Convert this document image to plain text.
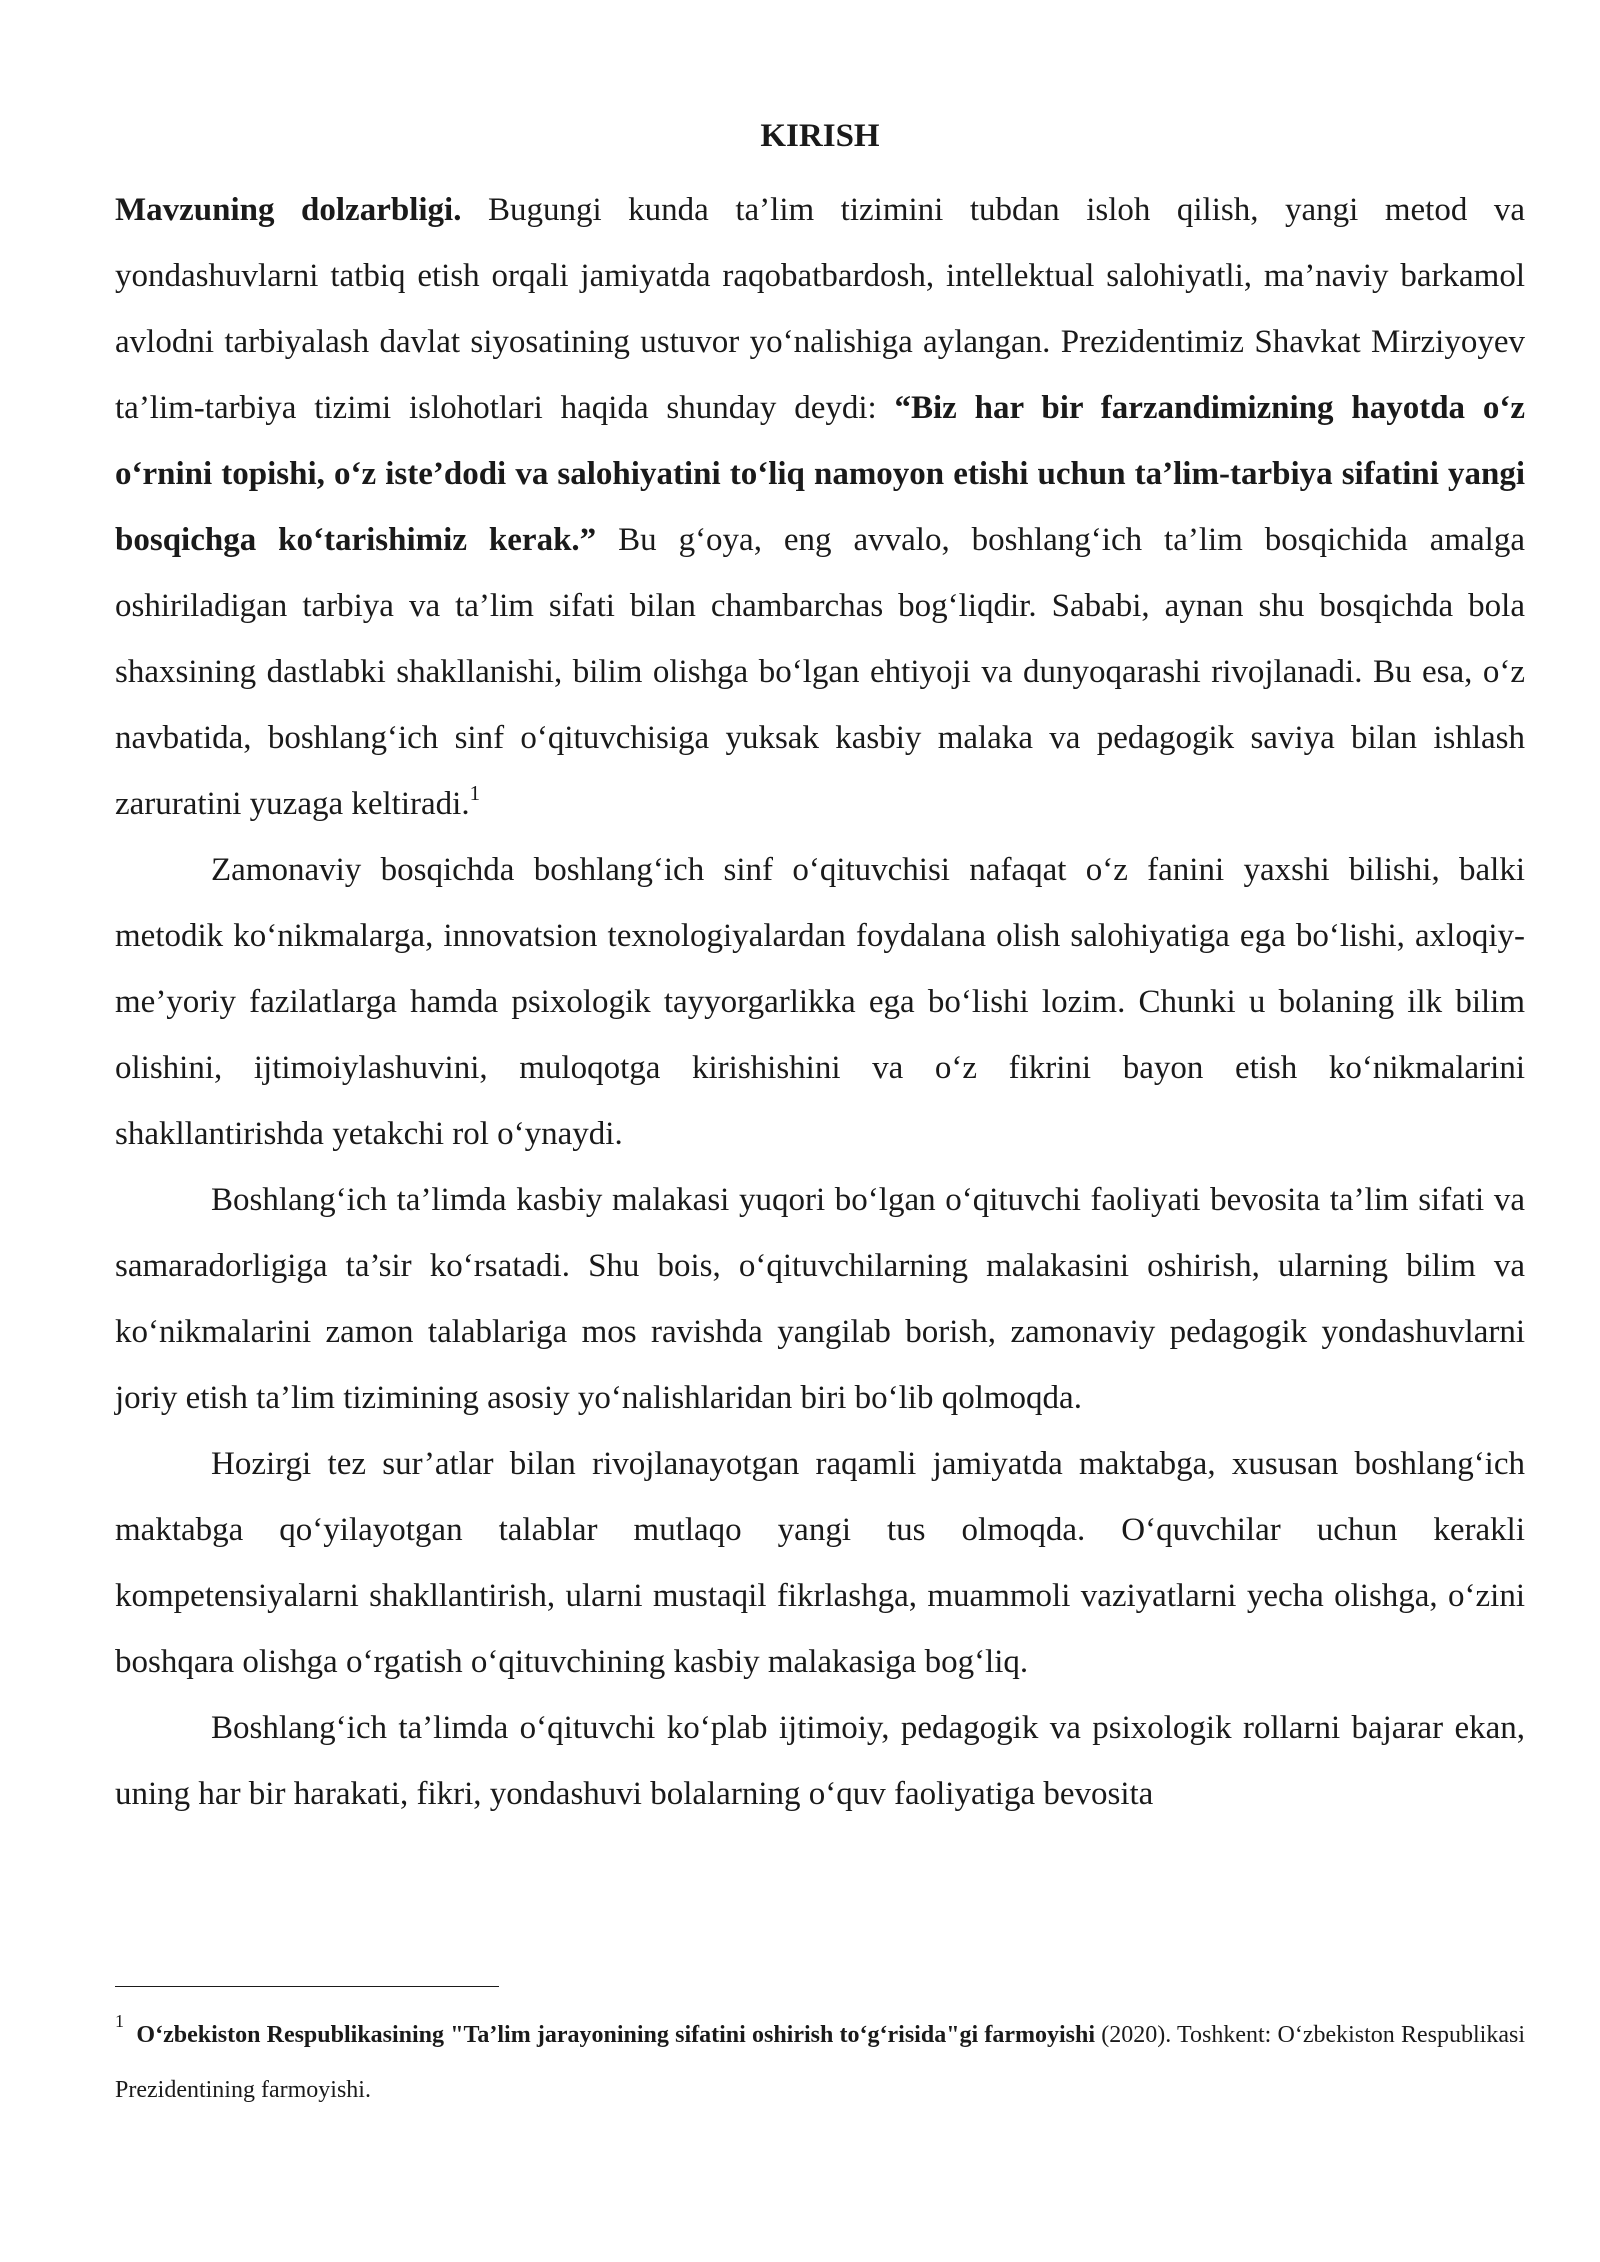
KIRISH

Mavzuning dolzarbligi. Bugungi kunda ta’lim tizimini tubdan isloh qilish, yangi metod va yondashuvlarni tatbiq etish orqali jamiyatda raqobatbardosh, intellektual salohiyatli, ma’naviy barkamol avlodni tarbiyalash davlat siyosatining ustuvor yo‘nalishiga aylangan. Prezidentimiz Shavkat Mirziyoyev ta’lim-tarbiya tizimi islohotlari haqida shunday deydi: “Biz har bir farzandimizning hayotda o‘z o‘rnini topishi, o‘z iste’dodi va salohiyatini to‘liq namoyon etishi uchun ta’lim-tarbiya sifatini yangi bosqichga ko‘tarishimiz kerak.” Bu g‘oya, eng avvalo, boshlang‘ich ta’lim bosqichida amalga oshiriladigan tarbiya va ta’lim sifati bilan chambarchas bog‘liqdir. Sababi, aynan shu bosqichda bola shaxsining dastlabki shakllanishi, bilim olishga bo‘lgan ehtiyoji va dunyoqarashi rivojlanadi. Bu esa, o‘z navbatida, boshlang‘ich sinf o‘qituvchisiga yuksak kasbiy malaka va pedagogik saviya bilan ishlash zaruratini yuzaga keltiradi.$^1$

Zamonaviy bosqichda boshlang‘ich sinf o‘qituvchisi nafaqat o‘z fanini yaxshi bilishi, balki metodik ko‘nikmalarga, innovatsion texnologiyalardan foydalana olish salohiyatiga ega bo‘lishi, axloqiy-me’yoriy fazilatlarga hamda psixologik tayyorgarlikka ega bo‘lishi lozim. Chunki u bolaning ilk bilim olishini, ijtimoiylashuvini, muloqotga kirishishini va o‘z fikrini bayon etish ko‘nikmalarini shakllantirishda yetakchi rol o‘ynaydi.

Boshlang‘ich ta’limda kasbiy malakasi yuqori bo‘lgan o‘qituvchi faoliyati bevosita ta’lim sifati va samaradorligiga ta’sir ko‘rsatadi. Shu bois, o‘qituvchilarning malakasini oshirish, ularning bilim va ko‘nikmalarini zamon talablariga mos ravishda yangilab borish, zamonaviy pedagogik yondashuvlarni joriy etish ta’lim tizimining asosiy yo‘nalishlaridan biri bo‘lib qolmoqda.

Hozirgi tez sur’atlar bilan rivojlanayotgan raqamli jamiyatda maktabga, xususan boshlang‘ich maktabga qo‘yilayotgan talablar mutlaqo yangi tus olmoqda. O‘quvchilar uchun kerakli kompetensiyalarni shakllantirish, ularni mustaqil fikrlashga, muammoli vaziyatlarni yecha olishga, o‘zini boshqara olishga o‘rgatish o‘qituvchining kasbiy malakasiga bog‘liq.

Boshlang‘ich ta’limda o‘qituvchi ko‘plab ijtimoiy, pedagogik va psixologik rollarni bajarar ekan, uning har bir harakati, fikri, yondashuvi bolalarning o‘quv faoliyatiga bevosita

$^1$  O‘zbekiston Respublikasining "Ta’lim jarayonining sifatini oshirish to‘g‘risida"gi farmoyishi (2020). Toshkent: O‘zbekiston Respublikasi Prezidentining farmoyishi.
